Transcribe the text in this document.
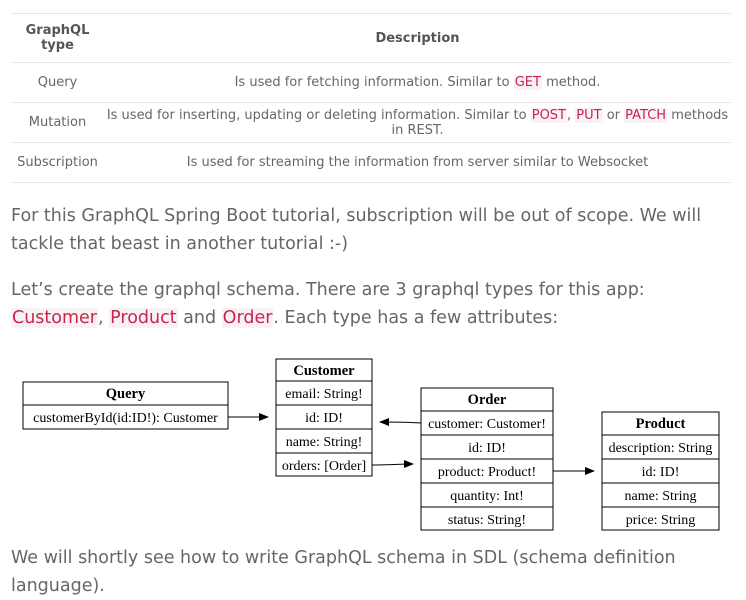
GraphQL type	Description
Query	Is used for fetching information. Similar to GET method.
Mutation	Is used for inserting, updating or deleting information. Similar to POST, PUT or PATCH methods in REST.
Subscription	Is used for streaming the information from server similar to Websocket

For this GraphQL Spring Boot tutorial, subscription will be out of scope. We will tackle that beast in another tutorial :-)

Let’s create the graphql schema. There are 3 graphql types for this app: Customer, Product and Order. Each type has a few attributes:

Query
customerById(id:ID!): Customer
Customer
email: String!
id: ID!
name: String!
orders: [Order]
Order
customer: Customer!
id: ID!
product: Product!
quantity: Int!
status: String!
Product
description: String
id: ID!
name: String
price: String

We will shortly see how to write GraphQL schema in SDL (schema definition language).
